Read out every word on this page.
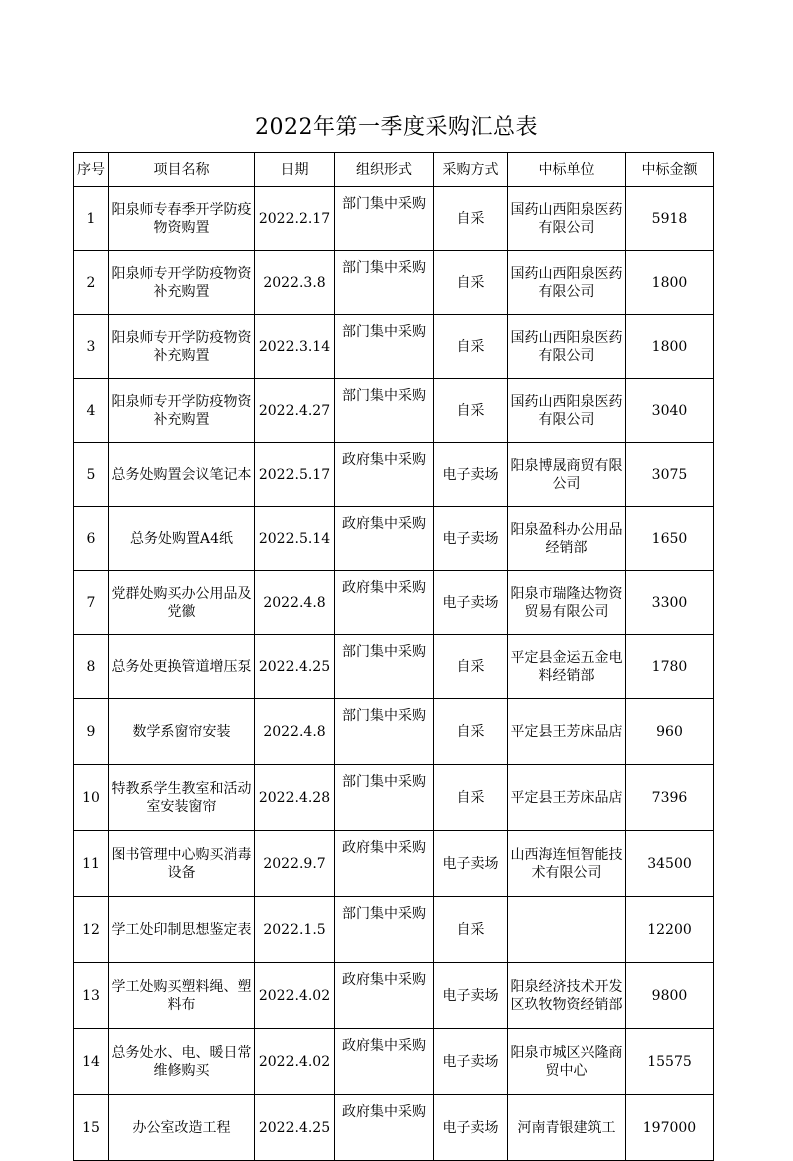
2022年第一季度采购汇总表
序号	项目名称	日期	组织形式	采购方式	中标单位	中标金额
1	阳泉师专春季开学防疫物资购置	2022.2.17	部门集中采购	自采	国药山西阳泉医药有限公司	5918
2	阳泉师专开学防疫物资补充购置	2022.3.8	部门集中采购	自采	国药山西阳泉医药有限公司	1800
3	阳泉师专开学防疫物资补充购置	2022.3.14	部门集中采购	自采	国药山西阳泉医药有限公司	1800
4	阳泉师专开学防疫物资补充购置	2022.4.27	部门集中采购	自采	国药山西阳泉医药有限公司	3040
5	总务处购置会议笔记本	2022.5.17	政府集中采购	电子卖场	阳泉博晟商贸有限公司	3075
6	总务处购置A4纸	2022.5.14	政府集中采购	电子卖场	阳泉盈科办公用品经销部	1650
7	党群处购买办公用品及党徽	2022.4.8	政府集中采购	电子卖场	阳泉市瑞隆达物资贸易有限公司	3300
8	总务处更换管道增压泵	2022.4.25	部门集中采购	自采	平定县金运五金电料经销部	1780
9	数学系窗帘安装	2022.4.8	部门集中采购	自采	平定县王芳床品店	960
10	特教系学生教室和活动室安装窗帘	2022.4.28	部门集中采购	自采	平定县王芳床品店	7396
11	图书管理中心购买消毒设备	2022.9.7	政府集中采购	电子卖场	山西海连恒智能技术有限公司	34500
12	学工处印制思想鉴定表	2022.1.5	部门集中采购	自采		12200
13	学工处购买塑料绳、塑料布	2022.4.02	政府集中采购	电子卖场	阳泉经济技术开发区玖牧物资经销部	9800
14	总务处水、电、暖日常维修购买	2022.4.02	政府集中采购	电子卖场	阳泉市城区兴隆商贸中心	15575
15	办公室改造工程	2022.4.25	政府集中采购	电子卖场	河南青银建筑工	197000
